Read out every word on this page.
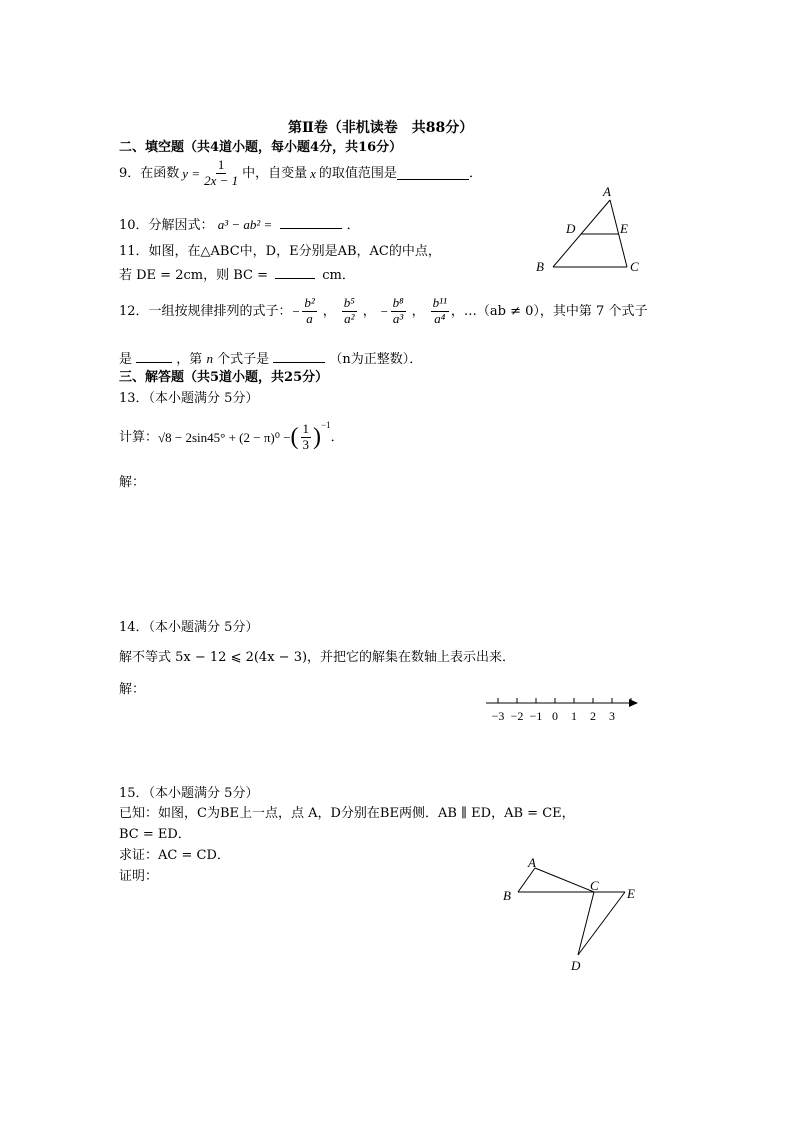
第Ⅱ卷（非机读卷　共88分）
二、填空题（共4道小题，每小题4分，共16分）
9．在函数 $y = \frac{1}{2x - 1}$ 中，自变量 x 的取值范围是	．
10．分解因式： a³ − ab² =	．
11．如图，在△ABC中，D，E分别是AB，AC的中点，
若 DE = 2cm，则 BC =	cm．
A
B	C
D	E
12．一组按规律排列的式子： − $\frac{\text{b²}}{a}$ ， $\frac{\text{b⁵}}{\text{a²}}$ ， − $\frac{\text{b⁸}}{\text{a³}}$ ， $\frac{\text{b¹¹}}{\text{a⁴}}$ ，…（ab ≠ 0），其中第 7 个式子
是	，第 n 个式子是	（n为正整数）．
三、解答题（共5道小题，共25分）
13．（本小题满分 5分）
计算： √8 − 2sin45° + (2 − π)⁰ − ( $\frac{1}{3}$ ) −1
．
解：
14．（本小题满分 5分）
解不等式 5x − 12 ⩽ 2(4x − 3)，并把它的解集在数轴上表示出来．
解：
−3 −2 −1 0 1 2 3
15．（本小题满分 5分）
已知：如图，C为BE上一点，点 A，D分别在BE两侧．AB ∥ ED，AB = CE，
BC = ED．
求证：AC = CD．
证明：
A
B
C
D
E
